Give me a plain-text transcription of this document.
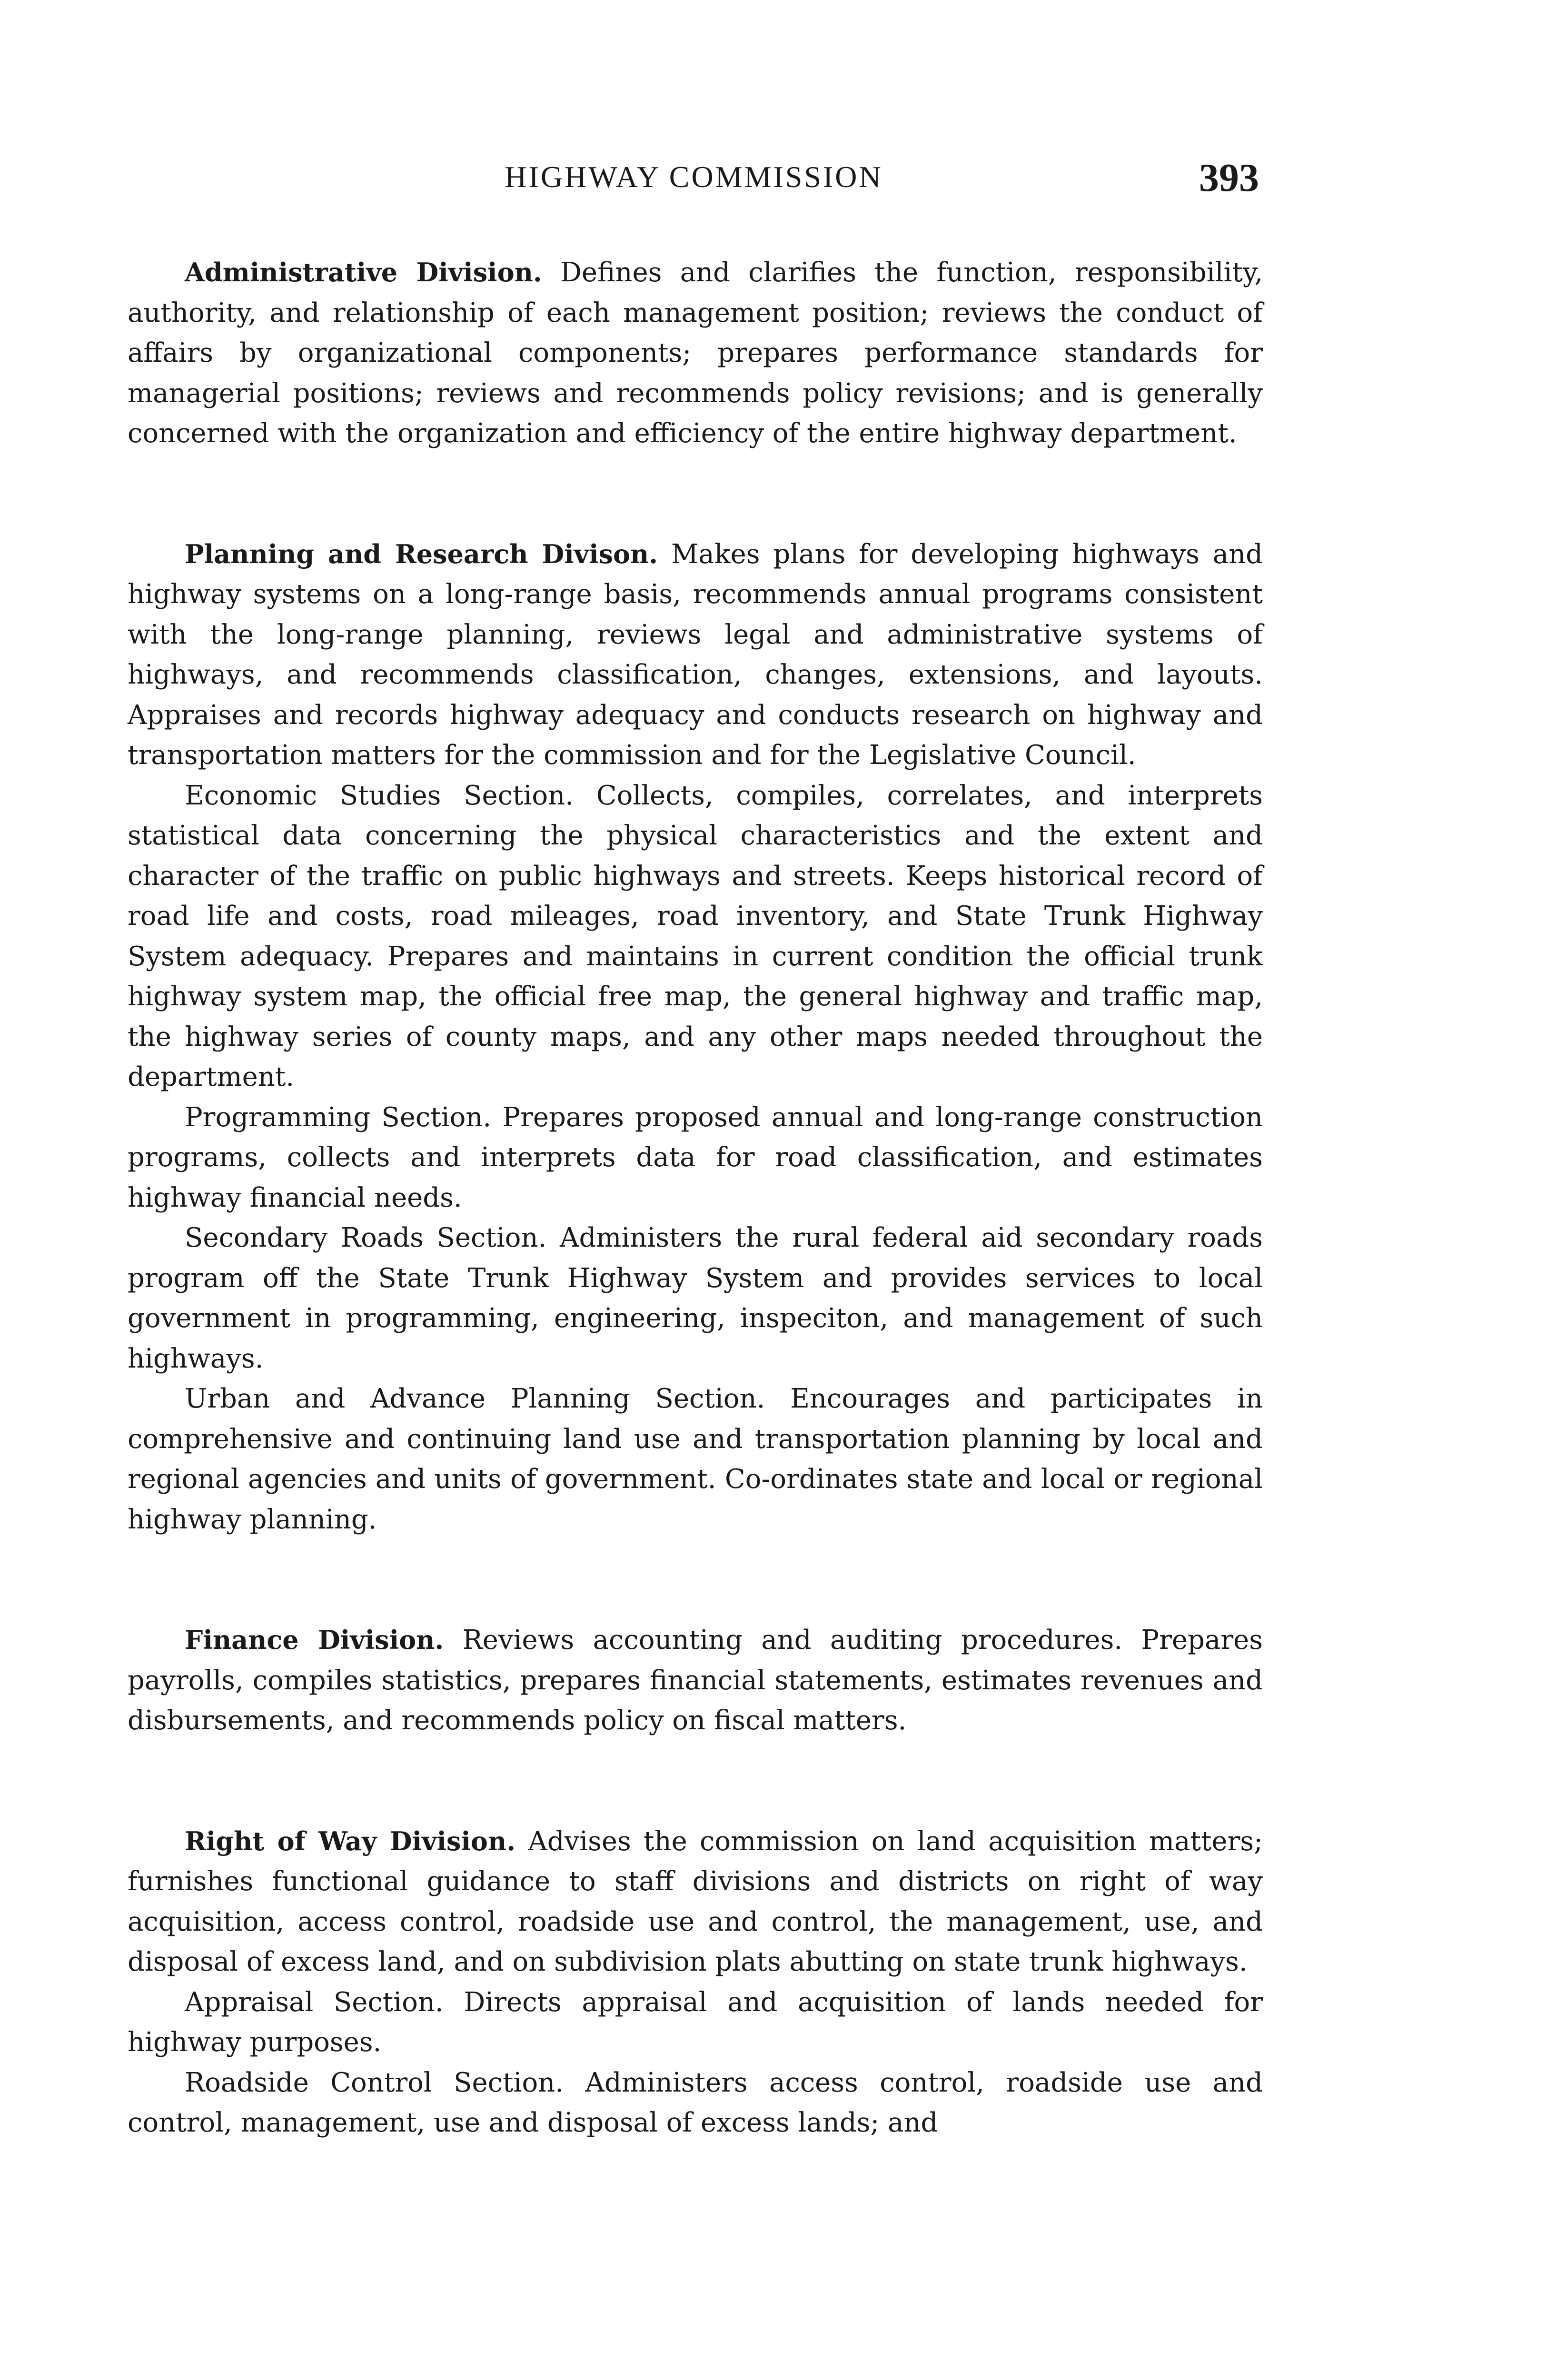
HIGHWAY COMMISSION	393

Administrative Division. Defines and clarifies the function, responsibility, authority, and relationship of each management position; reviews the conduct of affairs by organizational components; prepares performance standards for managerial positions; reviews and recommends policy revisions; and is generally concerned with the organization and efficiency of the entire highway department.

Planning and Research Divison. Makes plans for developing highways and highway systems on a long-range basis, recommends annual programs consistent with the long-range planning, reviews legal and administrative systems of highways, and recommends classification, changes, extensions, and layouts. Appraises and records highway adequacy and conducts research on highway and transportation matters for the commission and for the Legislative Council.

Economic Studies Section. Collects, compiles, correlates, and interprets statistical data concerning the physical characteristics and the extent and character of the traffic on public highways and streets. Keeps historical record of road life and costs, road mileages, road inventory, and State Trunk Highway System adequacy. Prepares and maintains in current condition the official trunk highway system map, the official free map, the general highway and traffic map, the highway series of county maps, and any other maps needed throughout the department.

Programming Section. Prepares proposed annual and long-range construction programs, collects and interprets data for road classification, and estimates highway financial needs.

Secondary Roads Section. Administers the rural federal aid secondary roads program off the State Trunk Highway System and provides services to local government in programming, engineering, inspeciton, and management of such highways.

Urban and Advance Planning Section. Encourages and participates in comprehensive and continuing land use and transportation planning by local and regional agencies and units of government. Co-ordinates state and local or regional highway planning.

Finance Division. Reviews accounting and auditing procedures. Prepares payrolls, compiles statistics, prepares financial statements, estimates revenues and disbursements, and recommends policy on fiscal matters.

Right of Way Division. Advises the commission on land acquisition matters; furnishes functional guidance to staff divisions and districts on right of way acquisition, access control, roadside use and control, the management, use, and disposal of excess land, and on subdivision plats abutting on state trunk highways.

Appraisal Section. Directs appraisal and acquisition of lands needed for highway purposes.

Roadside Control Section. Administers access control, roadside use and control, management, use and disposal of excess lands; and
